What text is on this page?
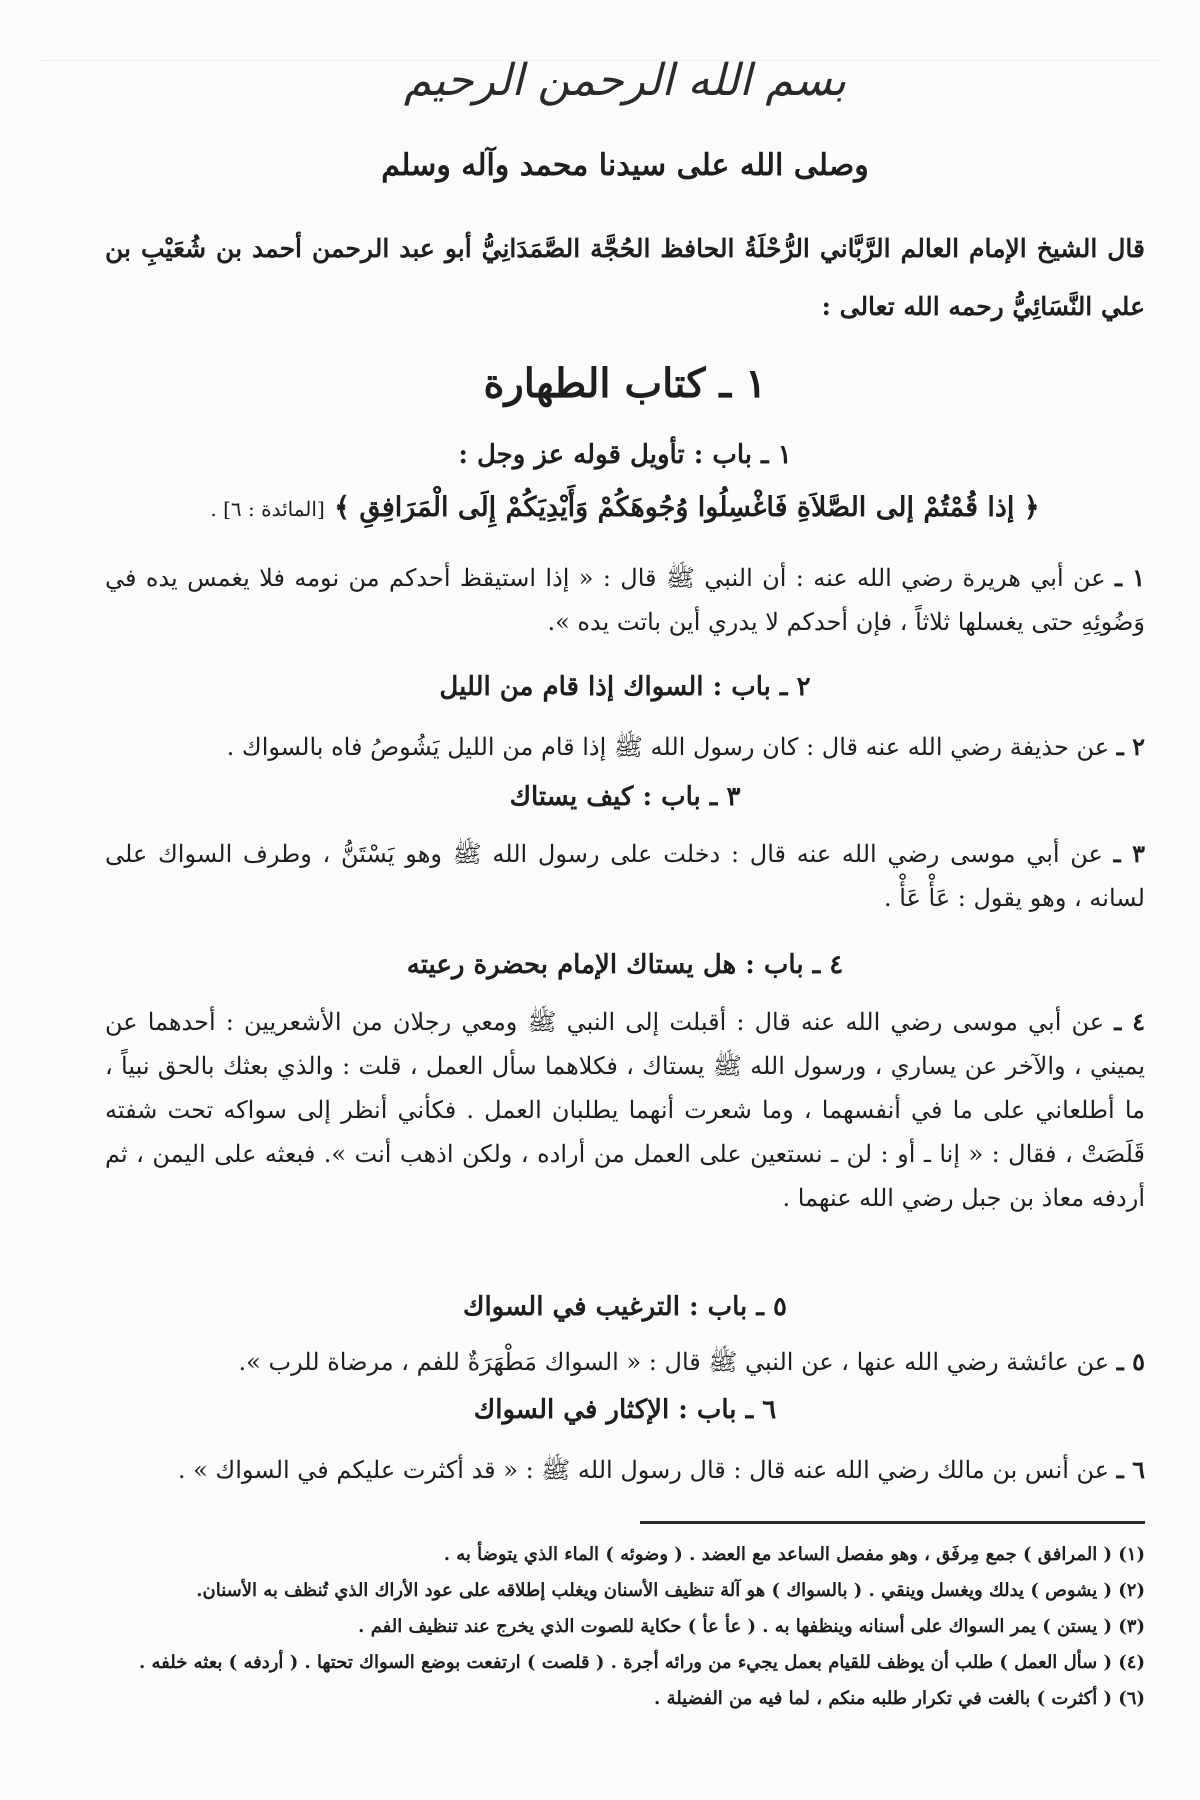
بسم الله الرحمن الرحيم
وصلى الله على سيدنا محمد وآله وسلم
قال الشيخ الإمام العالم الرَّبَّاني الرُّحْلَةُ الحافظ الحُجَّة الصَّمَدَانِيُّ أبو عبد الرحمن أحمد بن شُعَيْبِ بن علي النَّسَائِيُّ رحمه الله تعالى :
١ ـ كتاب الطهارة
١ ـ باب : تأويل قوله عز وجل :
﴿ إذا قُمْتُمْ إلى الصَّلاَةِ فَاغْسِلُوا وُجُوهَكُمْ وَأَيْدِيَكُمْ إِلَى الْمَرَافِقِ ﴾ [المائدة : ٦] .
١ ـ عن أبي هريرة رضي الله عنه : أن النبي ﷺ قال : « إذا استيقظ أحدكم من نومه فلا يغمس يده في وَضُوئِهِ حتى يغسلها ثلاثاً ، فإن أحدكم لا يدري أين باتت يده ».
٢ ـ باب : السواك إذا قام من الليل
٢ ـ عن حذيفة رضي الله عنه قال : كان رسول الله ﷺ إذا قام من الليل يَشُوصُ فاه بالسواك .
٣ ـ باب : كيف يستاك
٣ ـ عن أبي موسى رضي الله عنه قال : دخلت على رسول الله ﷺ وهو يَسْتَنُّ ، وطرف السواك على لسانه ، وهو يقول : عَأْ عَأْ .
٤ ـ باب : هل يستاك الإمام بحضرة رعيته
٤ ـ عن أبي موسى رضي الله عنه قال : أقبلت إلى النبي ﷺ ومعي رجلان من الأشعريين : أحدهما عن يميني ، والآخر عن يساري ، ورسول الله ﷺ يستاك ، فكلاهما سأل العمل ، قلت : والذي بعثك بالحق نبياً ، ما أطلعاني على ما في أنفسهما ، وما شعرت أنهما يطلبان العمل . فكأني أنظر إلى سواكه تحت شفته قَلَصَتْ ، فقال : « إنا ـ أو : لن ـ نستعين على العمل من أراده ، ولكن اذهب أنت ». فبعثه على اليمن ، ثم أردفه معاذ بن جبل رضي الله عنهما .
٥ ـ باب : الترغيب في السواك
٥ ـ عن عائشة رضي الله عنها ، عن النبي ﷺ قال : « السواك مَطْهَرَةٌ للفم ، مرضاة للرب ».
٦ ـ باب : الإكثار في السواك
٦ ـ عن أنس بن مالك رضي الله عنه قال : قال رسول الله ﷺ : « قد أكثرت عليكم في السواك » .
(١) ( المرافق ) جمع مِرفَق ، وهو مفصل الساعد مع العضد . ( وضوئه ) الماء الذي يتوضأ به .
(٢) ( يشوص ) يدلك ويغسل وينقي . ( بالسواك ) هو آلة تنظيف الأسنان ويغلب إطلاقه على عود الأراك الذي تُنظف به الأسنان.
(٣) ( يستن ) يمر السواك على أسنانه وينظفها به . ( عأ عأ ) حكاية للصوت الذي يخرج عند تنظيف الفم .
(٤) ( سأل العمل ) طلب أن يوظف للقيام بعمل يجيء من ورائه أجرة . ( قلصت ) ارتفعت بوضع السواك تحتها . ( أردفه ) بعثه خلفه .
(٦) ( أكثرت ) بالغت في تكرار طلبه منكم ، لما فيه من الفضيلة .
